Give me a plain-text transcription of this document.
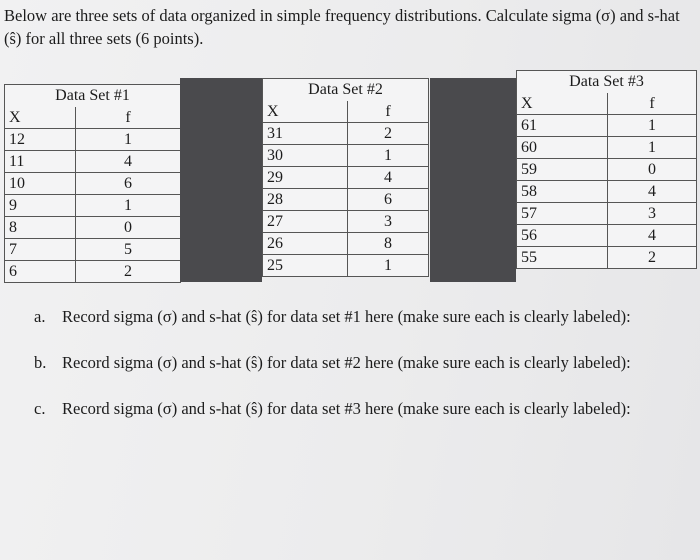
Below are three sets of data organized in simple frequency distributions. Calculate sigma (σ) and s-hat (ŝ) for all three sets (6 points).
Data Set #1	
X	f
12	1
11	4
10	6
9	1
8	0
7	5
6	2
Data Set #2	
X	f
31	2
30	1
29	4
28	6
27	3
26	8
25	1
Data Set #3	
X	f
61	1
60	1
59	0
58	4
57	3
56	4
55	2
a.	Record sigma (σ) and s-hat (ŝ) for data set #1 here (make sure each is clearly labeled):
b. Record sigma (σ) and s-hat (ŝ) for data set #2 here (make sure each is clearly labeled):
c.	Record sigma (σ) and s-hat (ŝ) for data set #3 here (make sure each is clearly labeled):
